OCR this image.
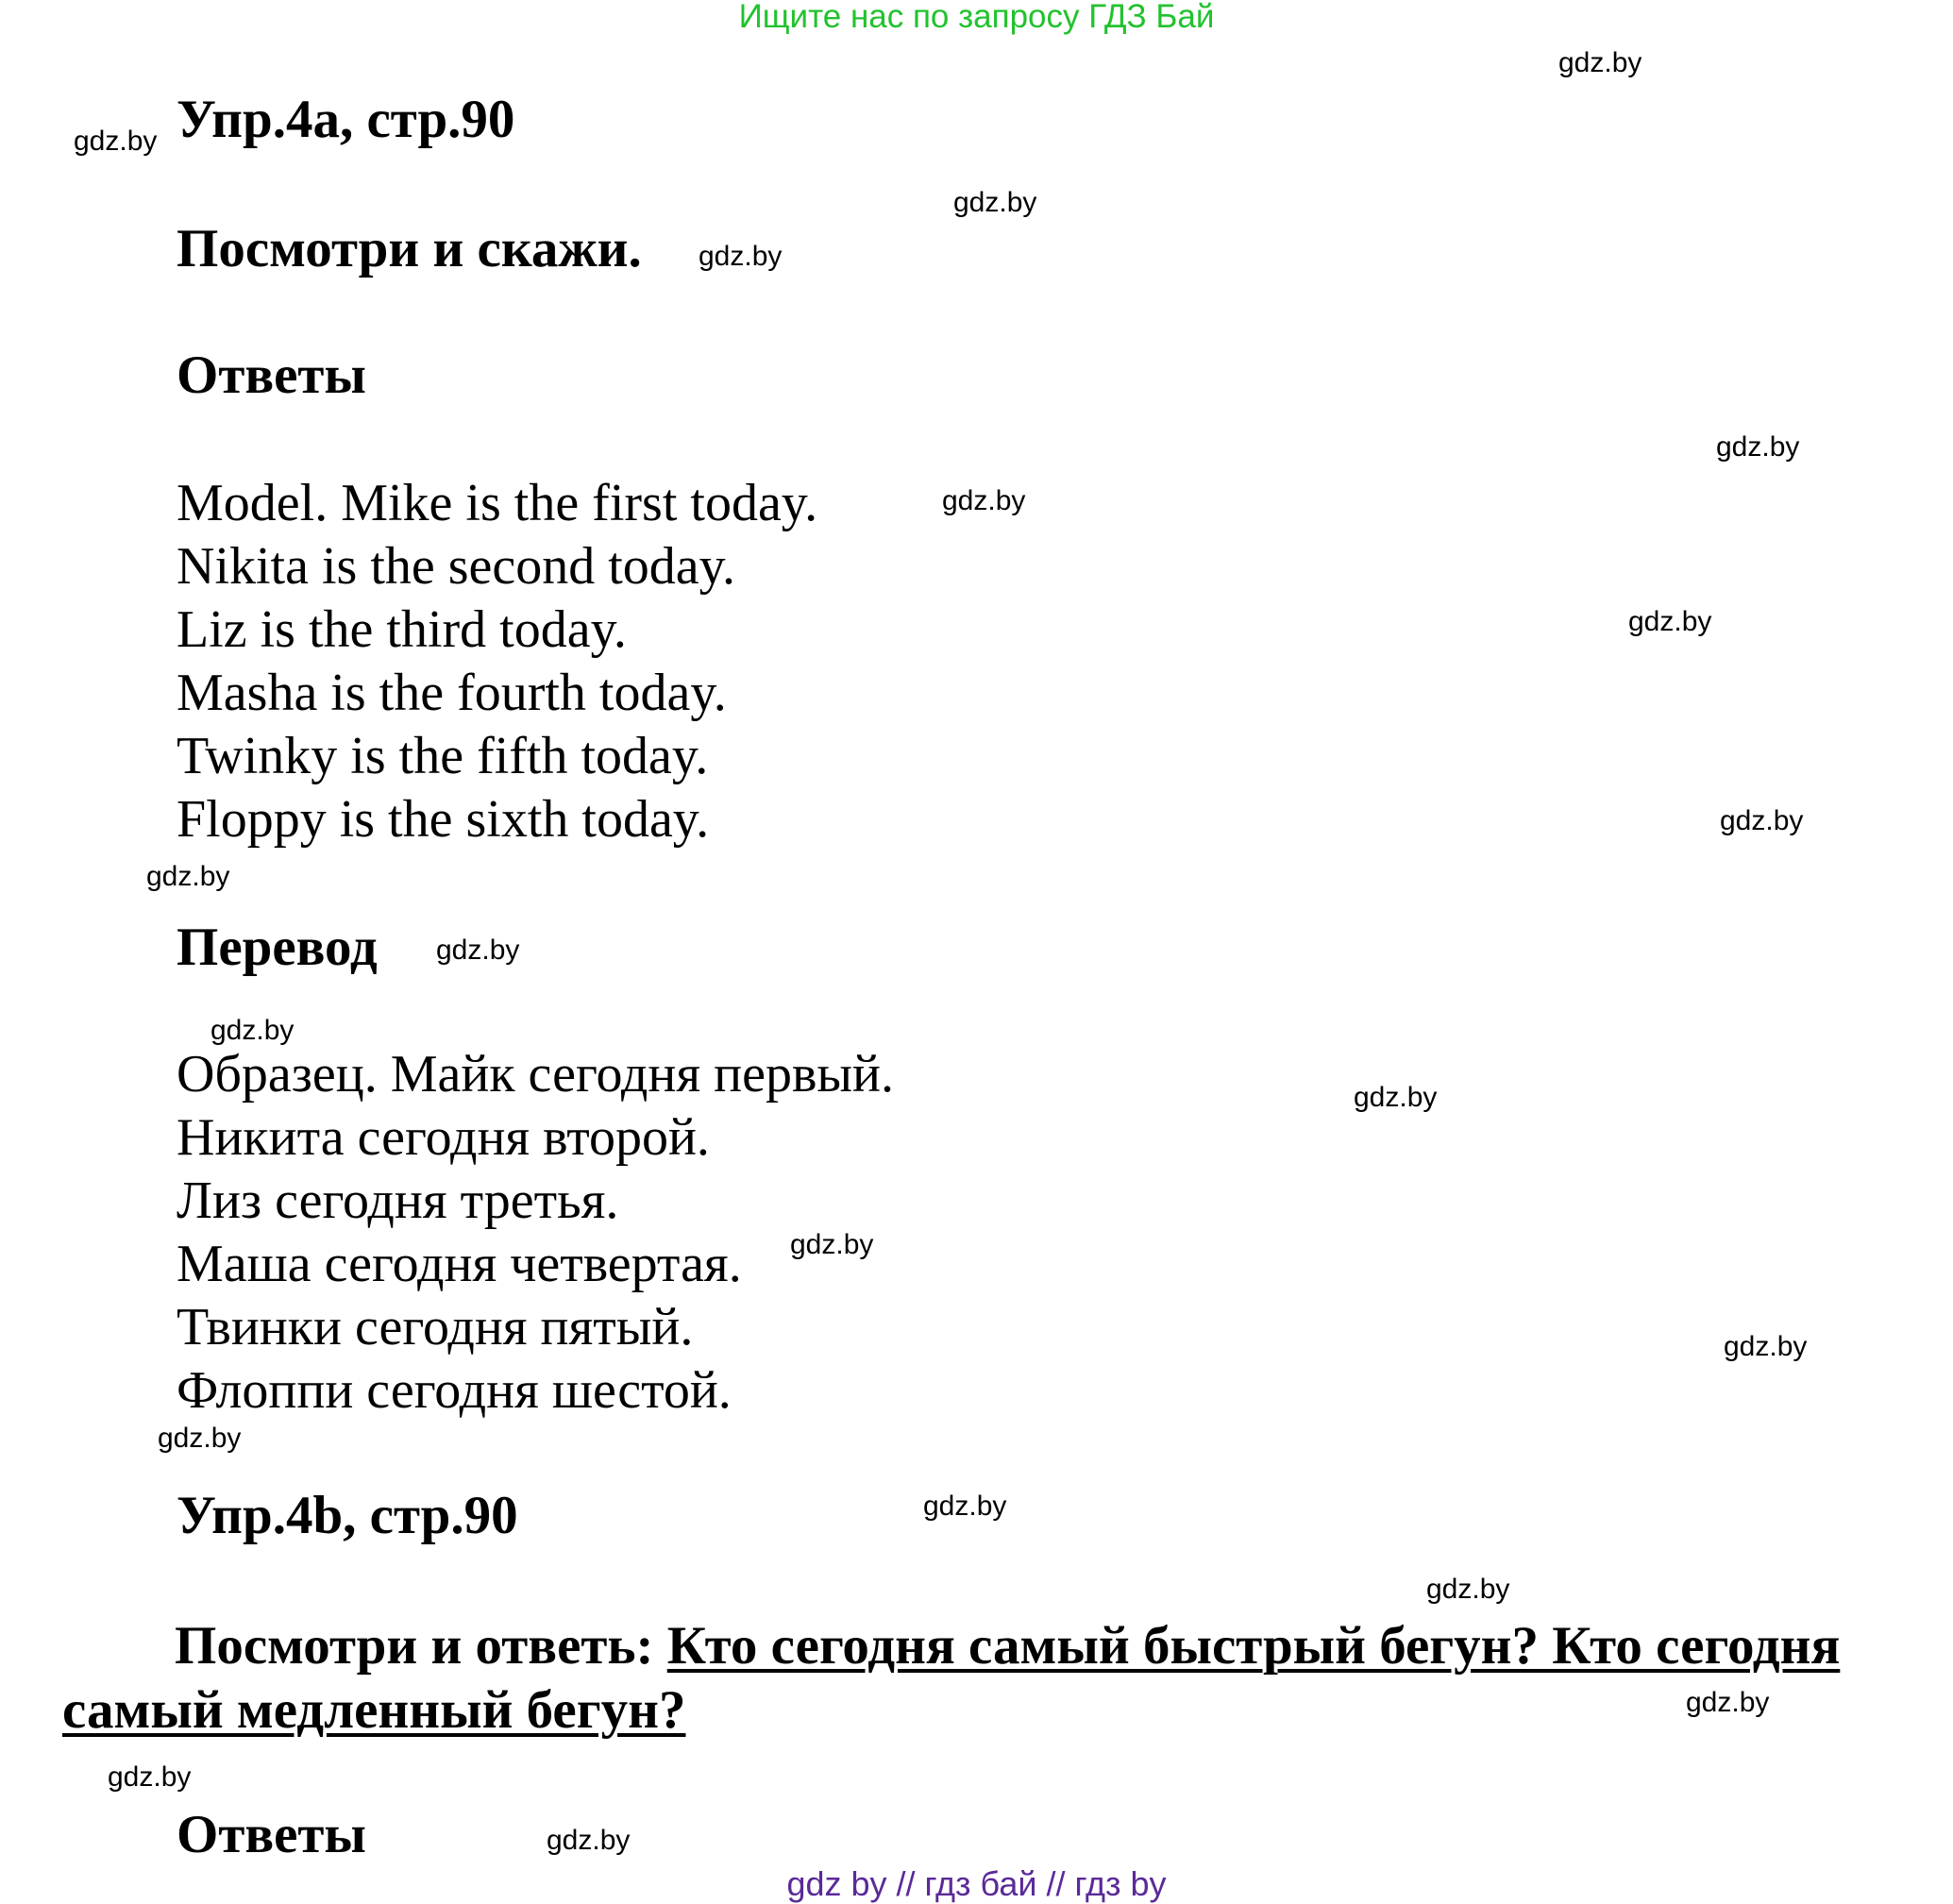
Ищите нас по запросу ГДЗ Бай
Упр.4a, стр.90
Посмотри и скажи.
Ответы
Model. Mike is the first today.
Nikita is the second today.
Liz is the third today.
Masha is the fourth today.
Twinky is the fifth today.
Floppy is the sixth today.
Перевод
Образец. Майк сегодня первый.
Никита сегодня второй.
Лиз сегодня третья.
Маша сегодня четвертая.
Твинки сегодня пятый.
Флоппи сегодня шестой.
Упр.4b, стр.90
Посмотри и ответь: Кто сегодня самый быстрый бегун? Кто сегодня самый медленный бегун?
Ответы
gdz.by
gdz.by
gdz.by
gdz.by
gdz.by
gdz.by
gdz.by
gdz.by
gdz.by
gdz.by
gdz.by
gdz.by
gdz.by
gdz.by
gdz.by
gdz.by
gdz.by
gdz.by
gdz.by
gdz.by
gdz by // гдз бай // гдз by
